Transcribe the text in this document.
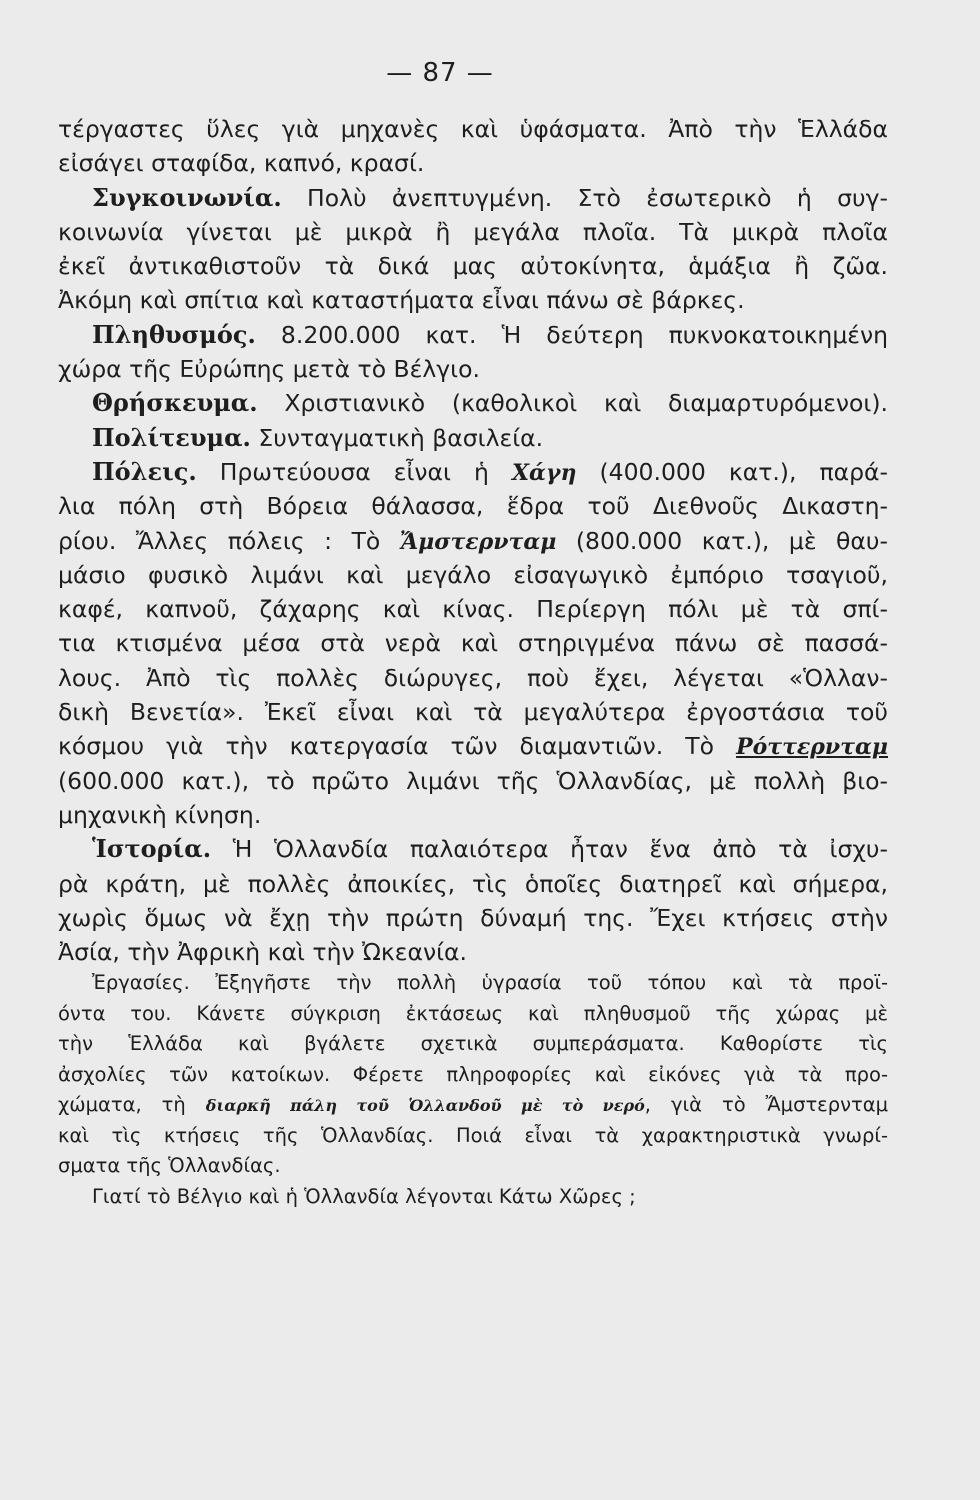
— 87 —
τέργαστες ὕλες γιὰ μηχανὲς καὶ ὑφάσματα. Ἀπὸ τὴν Ἑλλάδα
εἰσάγει σταφίδα, καπνό, κρασί.
Συγκοινωνία. Πολὺ ἀνεπτυγμένη. Στὸ ἐσωτερικὸ ἡ συγ-
κοινωνία γίνεται μὲ μικρὰ ἢ μεγάλα πλοῖα. Τὰ μικρὰ πλοῖα
ἐκεῖ ἀντικαθιστοῦν τὰ δικά μας αὐτοκίνητα, ἁμάξια ἢ ζῶα.
Ἀκόμη καὶ σπίτια καὶ καταστήματα εἶναι πάνω σὲ βάρκες.
Πληθυσμός. 8.200.000 κατ. Ἡ δεύτερη πυκνοκατοικημένη
χώρα τῆς Εὐρώπης μετὰ τὸ Βέλγιο.
Θρήσκευμα. Χριστιανικὸ (καθολικοὶ καὶ διαμαρτυρόμενοι).
Πολίτευμα. Συνταγματικὴ βασιλεία.
Πόλεις. Πρωτεύουσα εἶναι ἡ Χάγη (400.000 κατ.), παρά-
λια πόλη στὴ Βόρεια θάλασσα, ἕδρα τοῦ Διεθνοῦς Δικαστη-
ρίου. Ἄλλες πόλεις : Τὸ Ἄμστερνταμ (800.000 κατ.), μὲ θαυ-
μάσιο φυσικὸ λιμάνι καὶ μεγάλο εἰσαγωγικὸ ἐμπόριο τσαγιοῦ,
καφέ, καπνοῦ, ζάχαρης καὶ κίνας. Περίεργη πόλι μὲ τὰ σπί-
τια κτισμένα μέσα στὰ νερὰ καὶ στηριγμένα πάνω σὲ πασσά-
λους. Ἀπὸ τὶς πολλὲς διώρυγες, ποὺ ἔχει, λέγεται «Ὁλλαν-
δικὴ Βενετία». Ἐκεῖ εἶναι καὶ τὰ μεγαλύτερα ἐργοστάσια τοῦ
κόσμου γιὰ τὴν κατεργασία τῶν διαμαντιῶν. Τὸ Ρόττερνταμ
(600.000 κατ.), τὸ πρῶτο λιμάνι τῆς Ὁλλανδίας, μὲ πολλὴ βιο-
μηχανικὴ κίνηση.
Ἱστορία. Ἡ Ὁλλανδία παλαιότερα ἦταν ἕνα ἀπὸ τὰ ἰσχυ-
ρὰ κράτη, μὲ πολλὲς ἀποικίες, τὶς ὁποῖες διατηρεῖ καὶ σήμερα,
χωρὶς ὅμως νὰ ἔχῃ τὴν πρώτη δύναμή της. Ἔχει κτήσεις στὴν
Ἀσία, τὴν Ἀφρικὴ καὶ τὴν Ὠκεανία.
Ἐργασίες. Ἐξηγῆστε τὴν πολλὴ ὑγρασία τοῦ τόπου καὶ τὰ προϊ-
όντα του. Κάνετε σύγκριση ἐκτάσεως καὶ πληθυσμοῦ τῆς χώρας μὲ
τὴν Ἑλλάδα καὶ βγάλετε σχετικὰ συμπεράσματα. Καθορίστε τὶς
ἀσχολίες τῶν κατοίκων. Φέρετε πληροφορίες καὶ εἰκόνες γιὰ τὰ προ-
χώματα, τὴ διαρκῆ πάλη τοῦ Ὁλλανδοῦ μὲ τὸ νερό, γιὰ τὸ Ἄμστερνταμ
καὶ τὶς κτήσεις τῆς Ὁλλανδίας. Ποιά εἶναι τὰ χαρακτηριστικὰ γνωρί-
σματα τῆς Ὁλλανδίας.
Γιατί τὸ Βέλγιο καὶ ἡ Ὁλλανδία λέγονται Κάτω Χῶρες ;
